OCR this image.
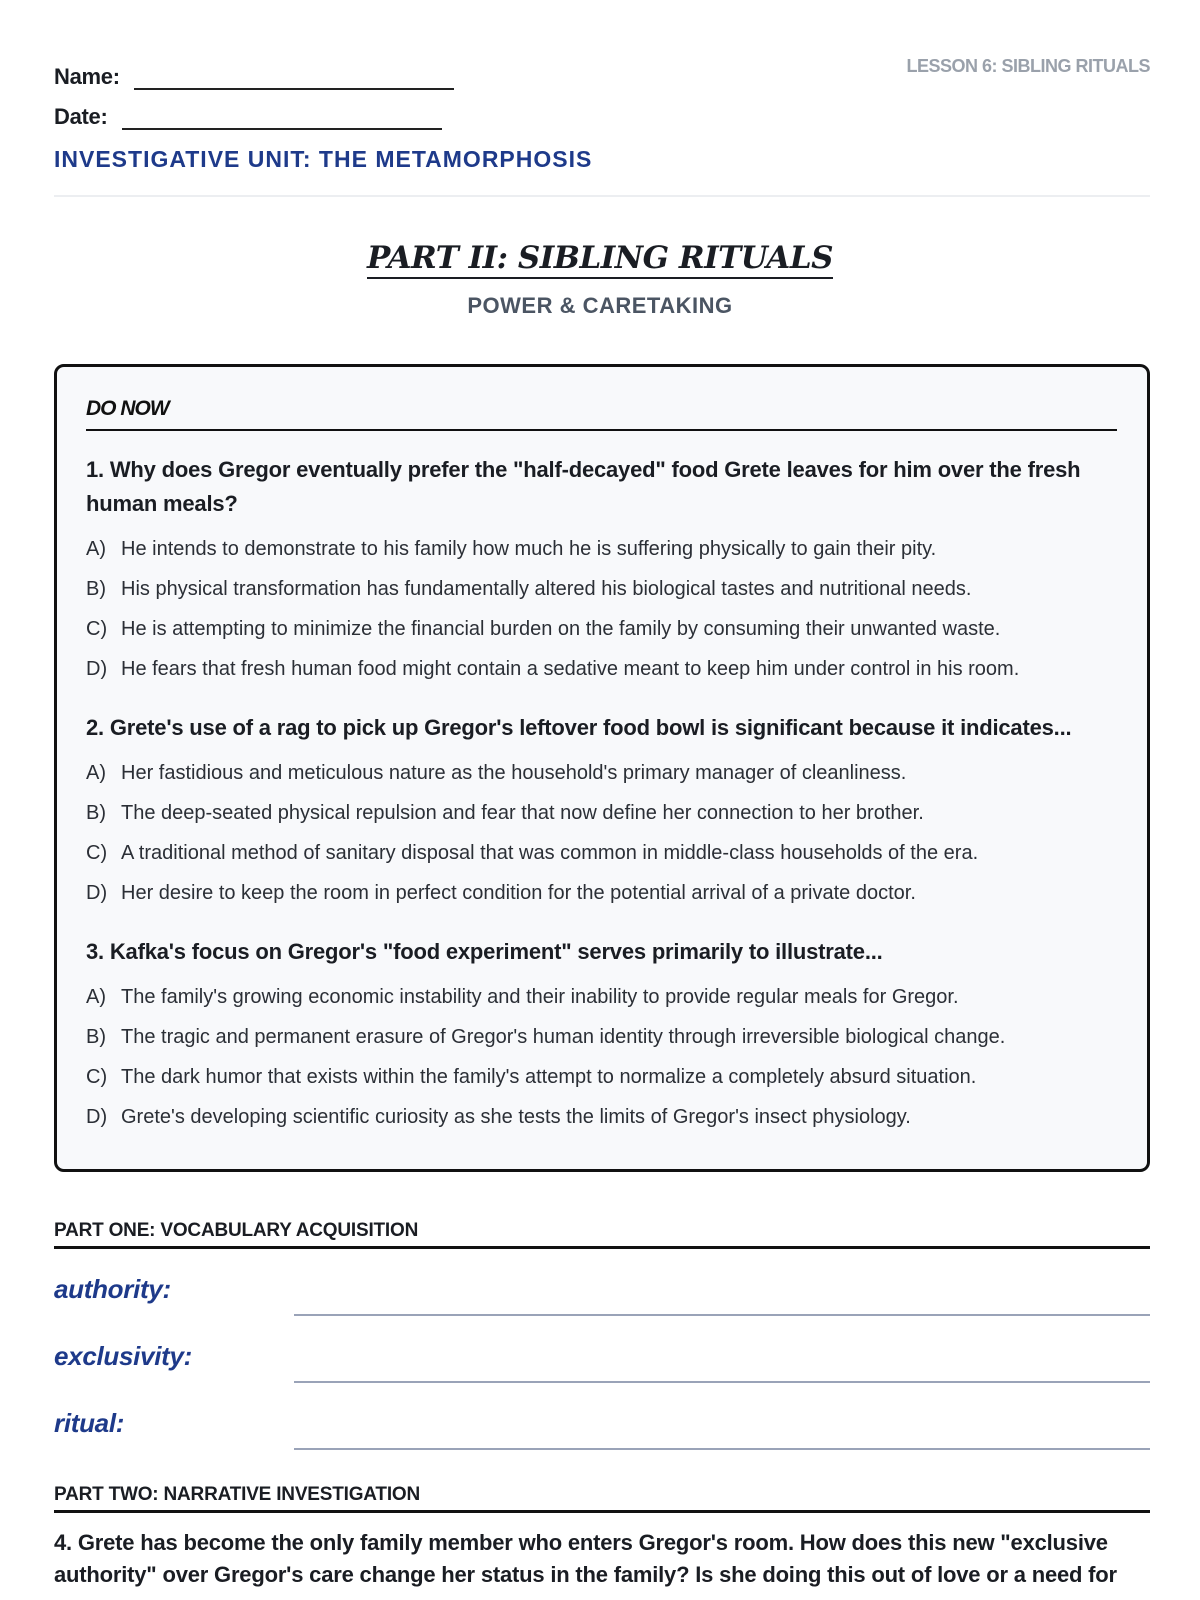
Name:
Date:
LESSON 6: SIBLING RITUALS
INVESTIGATIVE UNIT: THE METAMORPHOSIS
PART II: SIBLING RITUALS
POWER & CARETAKING
DO NOW
1. Why does Gregor eventually prefer the "half-decayed" food Grete leaves for him over the fresh human meals?
A) He intends to demonstrate to his family how much he is suffering physically to gain their pity.
B) His physical transformation has fundamentally altered his biological tastes and nutritional needs.
C) He is attempting to minimize the financial burden on the family by consuming their unwanted waste.
D) He fears that fresh human food might contain a sedative meant to keep him under control in his room.
2. Grete's use of a rag to pick up Gregor's leftover food bowl is significant because it indicates...
A) Her fastidious and meticulous nature as the household's primary manager of cleanliness.
B) The deep-seated physical repulsion and fear that now define her connection to her brother.
C) A traditional method of sanitary disposal that was common in middle-class households of the era.
D) Her desire to keep the room in perfect condition for the potential arrival of a private doctor.
3. Kafka's focus on Gregor's "food experiment" serves primarily to illustrate...
A) The family's growing economic instability and their inability to provide regular meals for Gregor.
B) The tragic and permanent erasure of Gregor's human identity through irreversible biological change.
C) The dark humor that exists within the family's attempt to normalize a completely absurd situation.
D) Grete's developing scientific curiosity as she tests the limits of Gregor's insect physiology.
PART ONE: VOCABULARY ACQUISITION
authority:
exclusivity:
ritual:
PART TWO: NARRATIVE INVESTIGATION
4. Grete has become the only family member who enters Gregor's room. How does this new "exclusive authority" over Gregor's care change her status in the family? Is she doing this out of love or a need for
